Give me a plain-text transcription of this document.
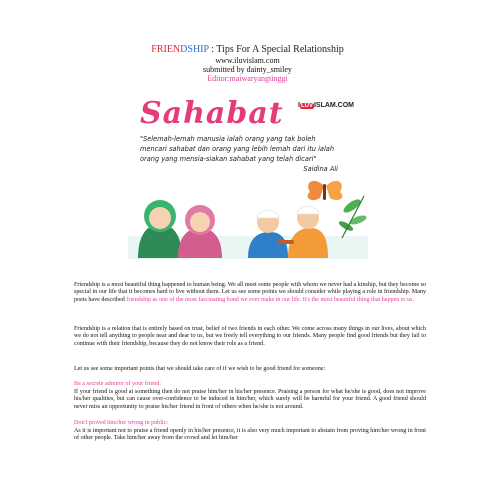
FRIENDSHIP : Tips For A Special Relationship
www.iluvislam.com
submitted by dainty_smiley
Editor:maiwaryangtinggi
Sahabat ILUVISLAM.COM
"Selemah-lemah manusia ialah orang yang tak boleh
mencari sahabat dan orang yang lebih lemah dari itu ialah
orang yang mensia-siakan sahabat yang telah dicari"
Saidina Ali
Friendship is a most beautiful thing happened to human being. We all meet some people with whom we never had a kinship, but they become so special in our life that it becomes hard to live without them. Let us see some points we should consider while playing a role in friendship. Many poets have described friendship as one of the most fascinating bond we ever make in our life. It's the most beautiful thing that happen to us.

Friendship is a relation that is entirely based on trust, belief of two friends in each other. We come across many things in our lives, about which we do not tell anything to people near and dear to us, but we freely tell everything to our friends. Many people find good friends but they fail to continue with their friendship, because they do not know their role as a friend.

Let us see some important points that we should take care of if we wish to be good friend for someone:

Be a secrete admirer of your friend:

If your friend is good at something then do not praise him/her in his/her presence. Praising a person for what he/she is good, does not improve his/her qualities, but can cause over-confidence to be induced in him/her, which surely will be harmful for your friend. A good friend should never miss an opportunity to praise his/her friend in front of others when he/she is not around.

Don't proved him/her wrong in public:

As it is important not to praise a friend openly in his/her presence, it is also very much important to abstain from proving him/her wrong in front of other people. Take him/her away from the crowd and let him/her
